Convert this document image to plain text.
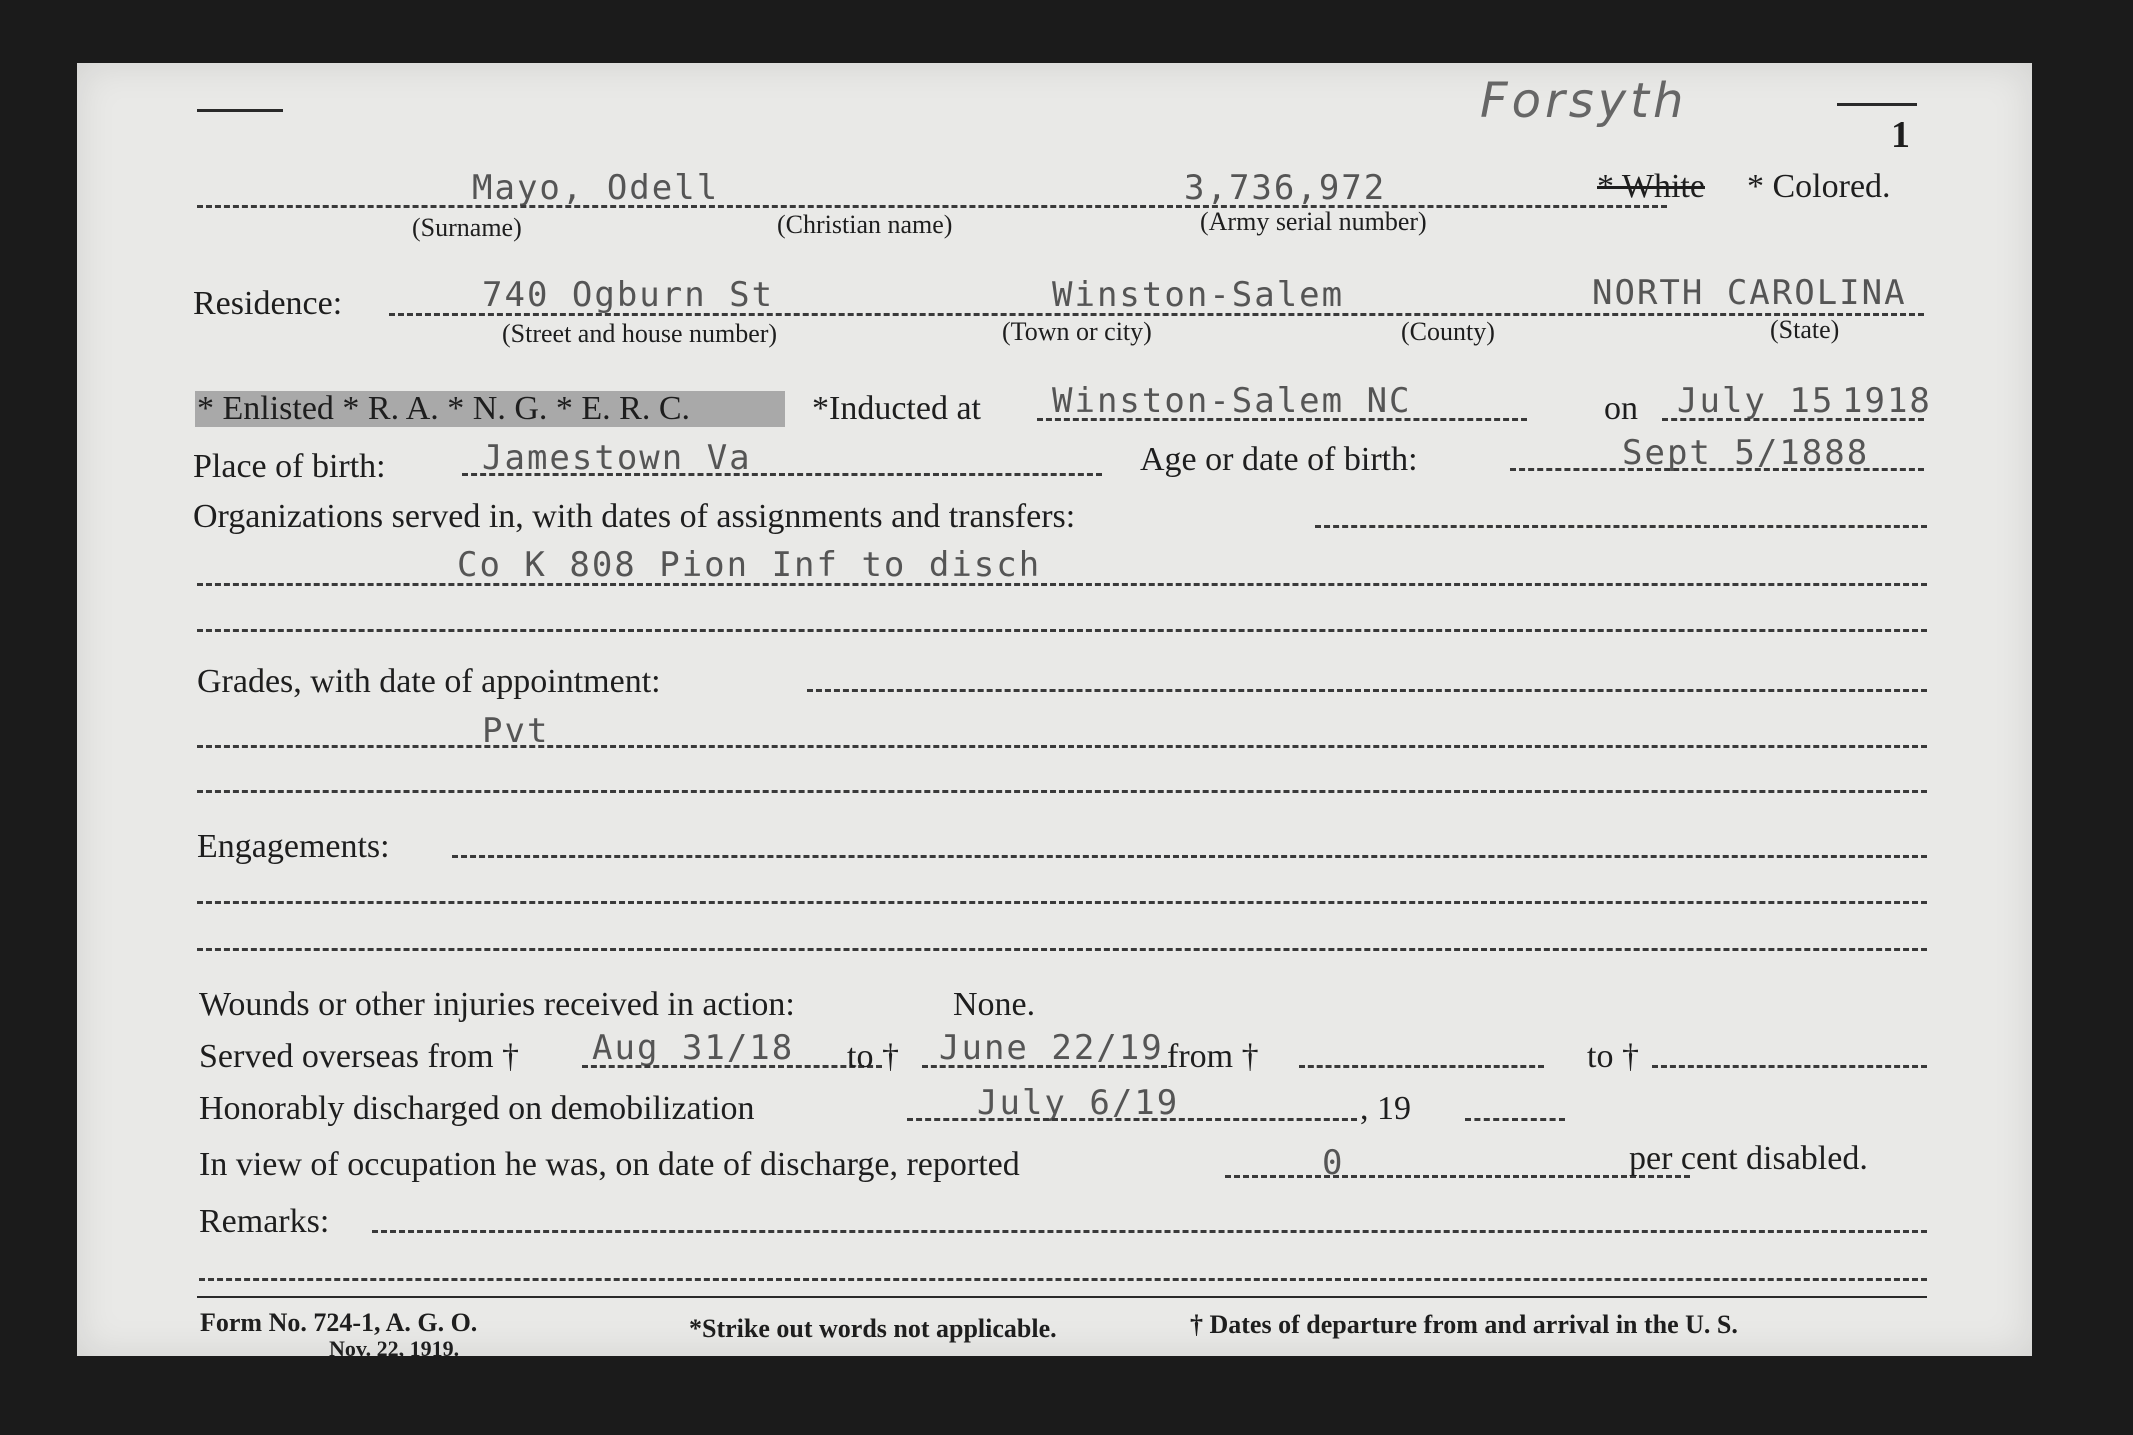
Forsyth
1
Mayo, Odell	3,736,972	* White * Colored.
(Surname)	(Christian name)	(Army serial number)
Residence:	740 Ogburn St	Winston-Salem	NORTH CAROLINA
(Street and house number)	(Town or city)	(County)	(State)
* Enlisted * R. A. * N. G. * E. R. C.	*Inducted at Winston-Salem NC	on July 15 1918
Place of birth:	Jamestown Va	Age or date of birth:	Sept 5/1888
Organizations served in, with dates of assignments and transfers:
Co K 808 Pion Inf to disch
Grades, with date of appointment:
Pvt
Engagements:
Wounds or other injuries received in action:	None.
Served overseas from † Aug 31/18 to † June 22/19 from †	to †
Honorably discharged on demobilization	July 6/19	, 19
In view of occupation he was, on date of discharge, reported	0	per cent disabled.
Remarks:
Form No. 724-1, A. G. O.
Nov. 22, 1919.
*Strike out words not applicable.	† Dates of departure from and arrival in the U. S.
